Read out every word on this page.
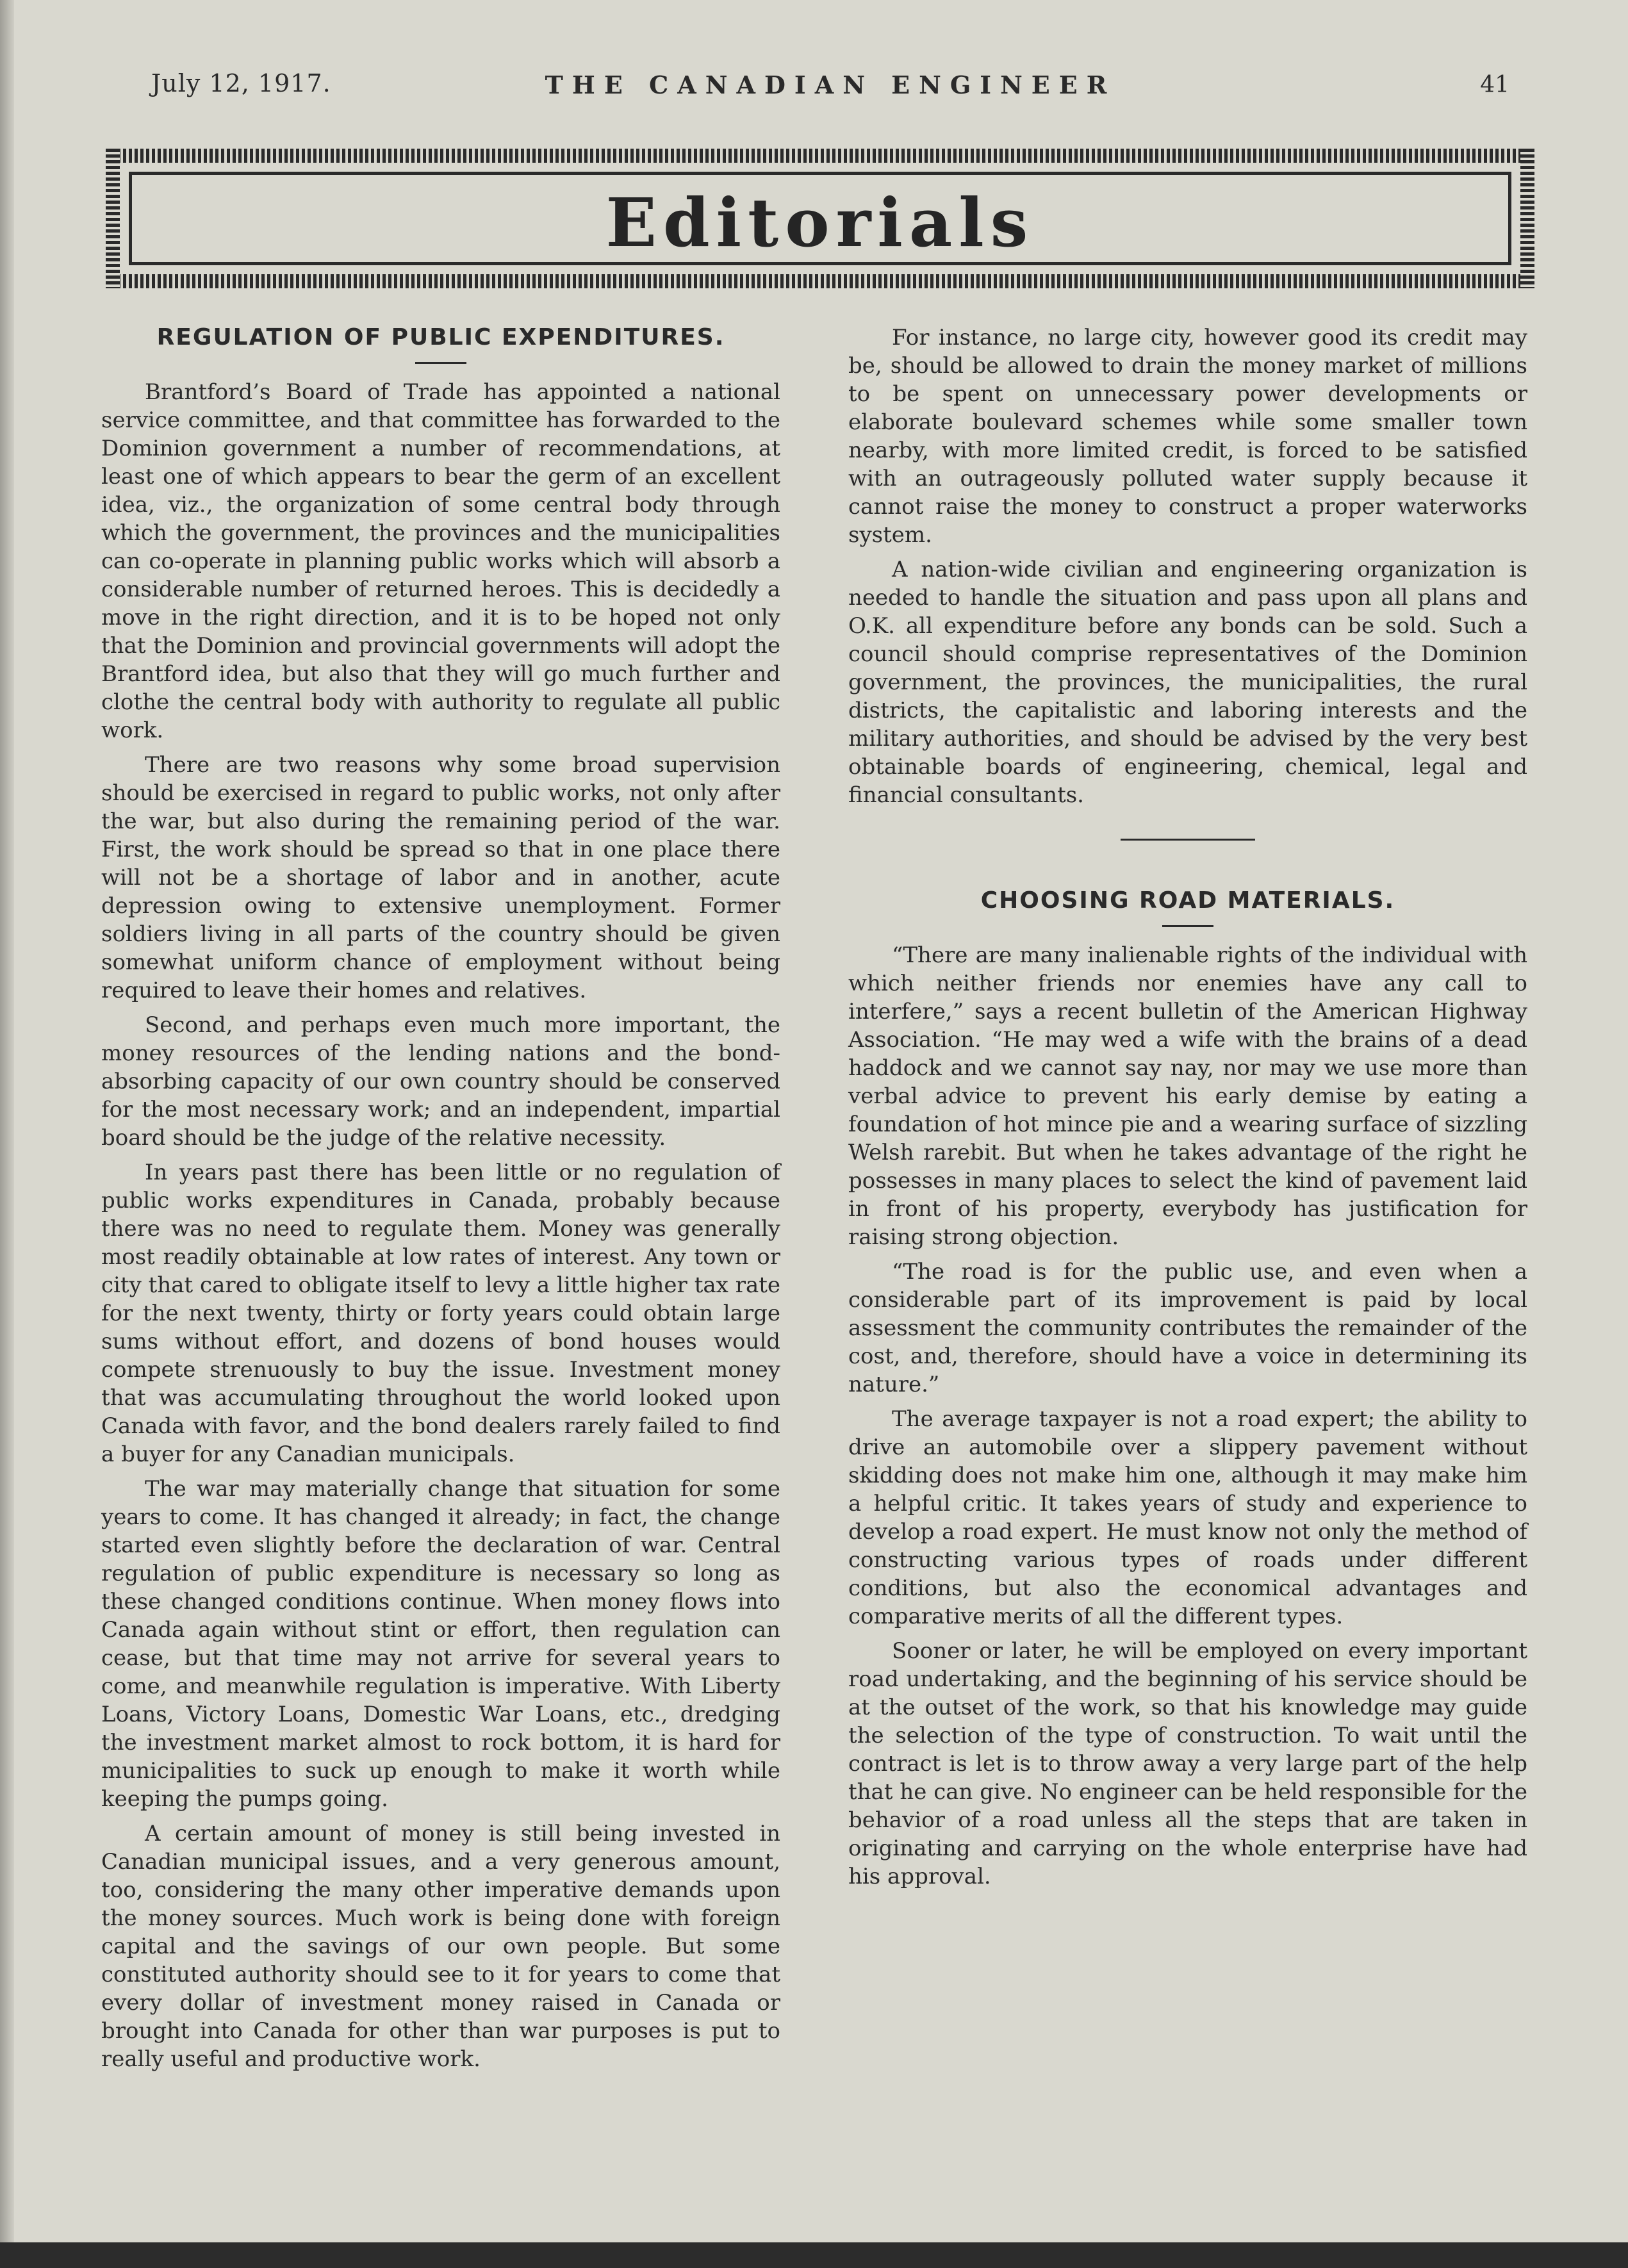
July 12, 1917.	THE CANADIAN ENGINEER	41
Editorials
REGULATION OF PUBLIC EXPENDITURES.

Brantford’s Board of Trade has appointed a national service committee, and that committee has forwarded to the Dominion government a number of recommendations, at least one of which appears to bear the germ of an excellent idea, viz., the organization of some central body through which the government, the provinces and the municipalities can co-operate in planning public works which will absorb a considerable number of returned heroes. This is decidedly a move in the right direction, and it is to be hoped not only that the Dominion and provincial governments will adopt the Brantford idea, but also that they will go much further and clothe the central body with authority to regulate all public work.

There are two reasons why some broad supervision should be exercised in regard to public works, not only after the war, but also during the remaining period of the war. First, the work should be spread so that in one place there will not be a shortage of labor and in another, acute depression owing to extensive unemployment. Former soldiers living in all parts of the country should be given somewhat uniform chance of employment without being required to leave their homes and relatives.

Second, and perhaps even much more important, the money resources of the lending nations and the bond-absorbing capacity of our own country should be conserved for the most necessary work; and an independent, impartial board should be the judge of the relative necessity.

In years past there has been little or no regulation of public works expenditures in Canada, probably because there was no need to regulate them. Money was generally most readily obtainable at low rates of interest. Any town or city that cared to obligate itself to levy a little higher tax rate for the next twenty, thirty or forty years could obtain large sums without effort, and dozens of bond houses would compete strenuously to buy the issue. Investment money that was accumulating throughout the world looked upon Canada with favor, and the bond dealers rarely failed to find a buyer for any Canadian municipals.

The war may materially change that situation for some years to come. It has changed it already; in fact, the change started even slightly before the declaration of war. Central regulation of public expenditure is necessary so long as these changed conditions continue. When money flows into Canada again without stint or effort, then regulation can cease, but that time may not arrive for several years to come, and meanwhile regulation is imperative. With Liberty Loans, Victory Loans, Domestic War Loans, etc., dredging the investment market almost to rock bottom, it is hard for municipalities to suck up enough to make it worth while keeping the pumps going.

A certain amount of money is still being invested in Canadian municipal issues, and a very generous amount, too, considering the many other imperative demands upon the money sources. Much work is being done with foreign capital and the savings of our own people. But some constituted authority should see to it for years to come that every dollar of investment money raised in Canada or brought into Canada for other than war purposes is put to really useful and productive work.

For instance, no large city, however good its credit may be, should be allowed to drain the money market of millions to be spent on unnecessary power developments or elaborate boulevard schemes while some smaller town nearby, with more limited credit, is forced to be satisfied with an outrageously polluted water supply because it cannot raise the money to construct a proper waterworks system.

A nation-wide civilian and engineering organization is needed to handle the situation and pass upon all plans and O.K. all expenditure before any bonds can be sold. Such a council should comprise representatives of the Dominion government, the provinces, the municipalities, the rural districts, the capitalistic and laboring interests and the military authorities, and should be advised by the very best obtainable boards of engineering, chemical, legal and financial consultants.

CHOOSING ROAD MATERIALS.

“There are many inalienable rights of the individual with which neither friends nor enemies have any call to interfere,” says a recent bulletin of the American Highway Association. “He may wed a wife with the brains of a dead haddock and we cannot say nay, nor may we use more than verbal advice to prevent his early demise by eating a foundation of hot mince pie and a wearing surface of sizzling Welsh rarebit. But when he takes advantage of the right he possesses in many places to select the kind of pavement laid in front of his property, everybody has justification for raising strong objection.

“The road is for the public use, and even when a considerable part of its improvement is paid by local assessment the community contributes the remainder of the cost, and, therefore, should have a voice in determining its nature.”

The average taxpayer is not a road expert; the ability to drive an automobile over a slippery pavement without skidding does not make him one, although it may make him a helpful critic. It takes years of study and experience to develop a road expert. He must know not only the method of constructing various types of roads under different conditions, but also the economical advantages and comparative merits of all the different types.

Sooner or later, he will be employed on every important road undertaking, and the beginning of his service should be at the outset of the work, so that his knowledge may guide the selection of the type of construction. To wait until the contract is let is to throw away a very large part of the help that he can give. No engineer can be held responsible for the behavior of a road unless all the steps that are taken in originating and carrying on the whole enterprise have had his approval.
